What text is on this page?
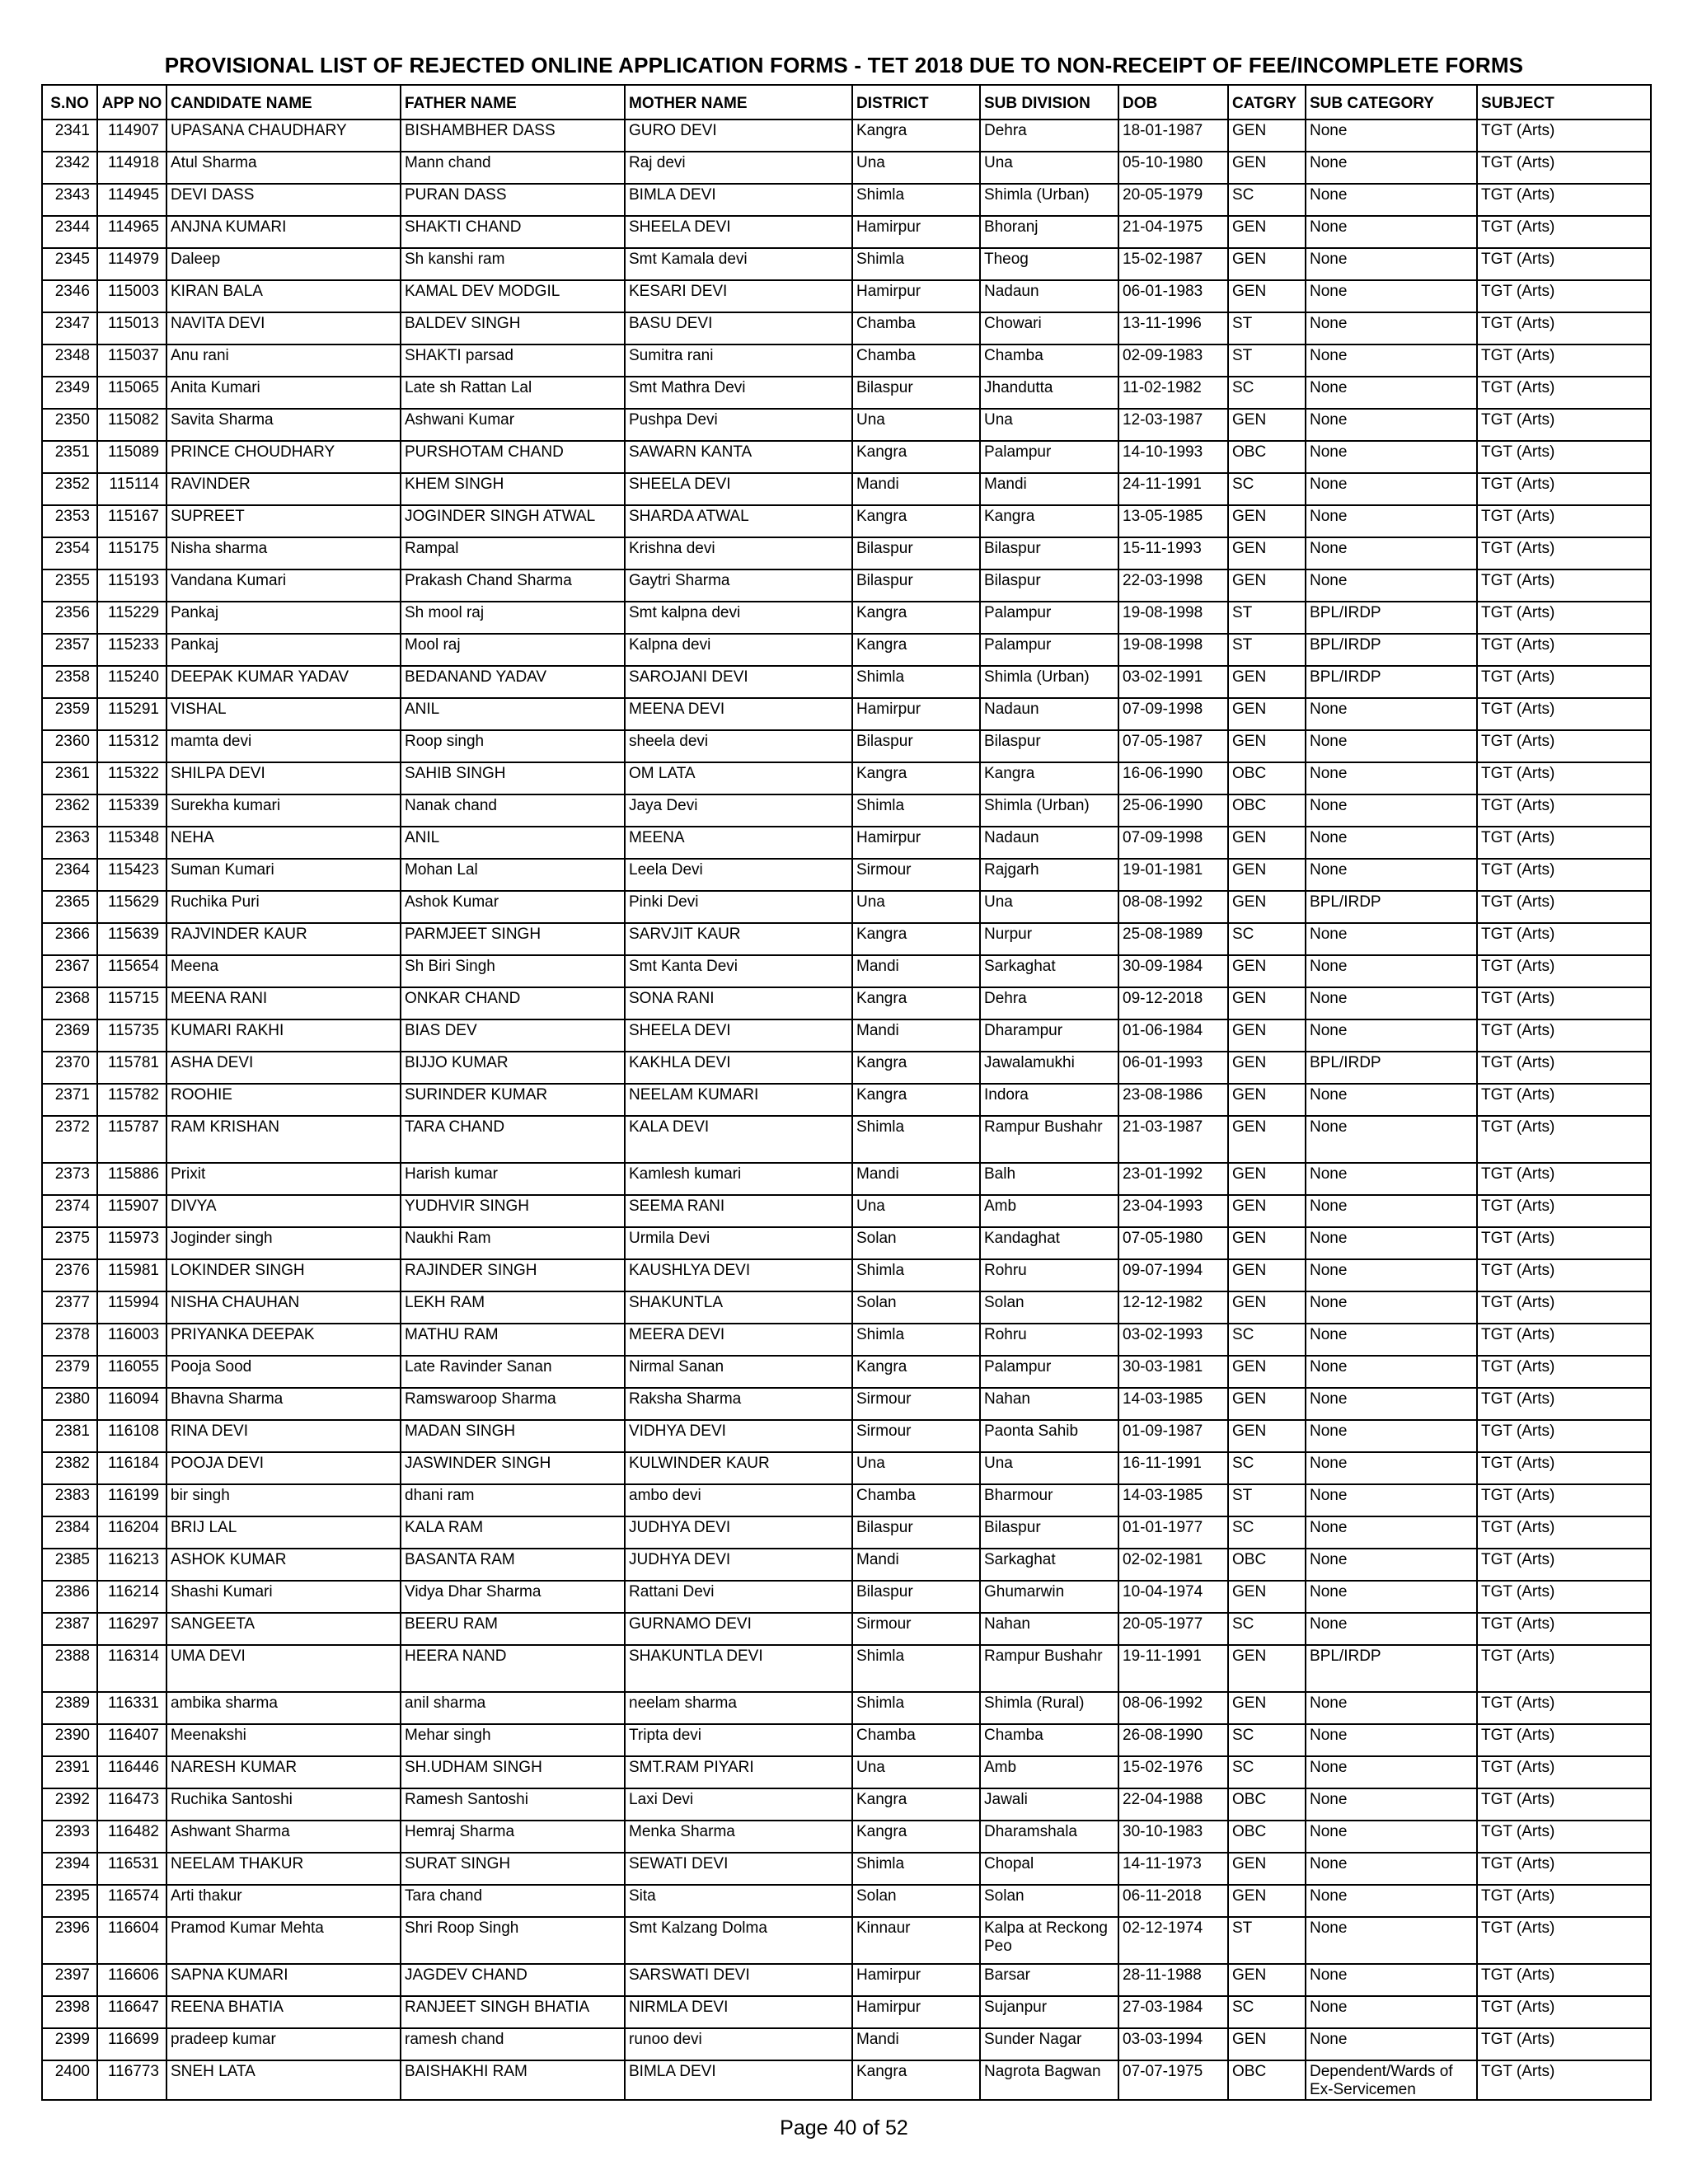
PROVISIONAL LIST OF REJECTED ONLINE APPLICATION FORMS - TET 2018 DUE TO NON-RECEIPT OF FEE/INCOMPLETE FORMS
S.NO	APP NO	CANDIDATE NAME	FATHER NAME	MOTHER NAME	DISTRICT	SUB DIVISION	DOB	CATGRY	SUB CATEGORY	SUBJECT
2341	114907	UPASANA CHAUDHARY	BISHAMBHER DASS	GURO DEVI	Kangra	Dehra	18-01-1987	GEN	None	TGT (Arts)
2342	114918	Atul Sharma	Mann chand	Raj devi	Una	Una	05-10-1980	GEN	None	TGT (Arts)
2343	114945	DEVI DASS	PURAN DASS	BIMLA DEVI	Shimla	Shimla (Urban)	20-05-1979	SC	None	TGT (Arts)
2344	114965	ANJNA KUMARI	SHAKTI CHAND	SHEELA DEVI	Hamirpur	Bhoranj	21-04-1975	GEN	None	TGT (Arts)
2345	114979	Daleep	Sh kanshi ram	Smt Kamala devi	Shimla	Theog	15-02-1987	GEN	None	TGT (Arts)
2346	115003	KIRAN BALA	KAMAL DEV MODGIL	KESARI DEVI	Hamirpur	Nadaun	06-01-1983	GEN	None	TGT (Arts)
2347	115013	NAVITA DEVI	BALDEV SINGH	BASU DEVI	Chamba	Chowari	13-11-1996	ST	None	TGT (Arts)
2348	115037	Anu rani	SHAKTI parsad	Sumitra rani	Chamba	Chamba	02-09-1983	ST	None	TGT (Arts)
2349	115065	Anita Kumari	Late sh Rattan Lal	Smt Mathra Devi	Bilaspur	Jhandutta	11-02-1982	SC	None	TGT (Arts)
2350	115082	Savita Sharma	Ashwani Kumar	Pushpa Devi	Una	Una	12-03-1987	GEN	None	TGT (Arts)
2351	115089	PRINCE CHOUDHARY	PURSHOTAM CHAND	SAWARN KANTA	Kangra	Palampur	14-10-1993	OBC	None	TGT (Arts)
2352	115114	RAVINDER	KHEM SINGH	SHEELA DEVI	Mandi	Mandi	24-11-1991	SC	None	TGT (Arts)
2353	115167	SUPREET	JOGINDER SINGH ATWAL	SHARDA ATWAL	Kangra	Kangra	13-05-1985	GEN	None	TGT (Arts)
2354	115175	Nisha sharma	Rampal	Krishna devi	Bilaspur	Bilaspur	15-11-1993	GEN	None	TGT (Arts)
2355	115193	Vandana Kumari	Prakash Chand Sharma	Gaytri Sharma	Bilaspur	Bilaspur	22-03-1998	GEN	None	TGT (Arts)
2356	115229	Pankaj	Sh mool raj	Smt kalpna devi	Kangra	Palampur	19-08-1998	ST	BPL/IRDP	TGT (Arts)
2357	115233	Pankaj	Mool raj	Kalpna devi	Kangra	Palampur	19-08-1998	ST	BPL/IRDP	TGT (Arts)
2358	115240	DEEPAK KUMAR YADAV	BEDANAND YADAV	SAROJANI DEVI	Shimla	Shimla (Urban)	03-02-1991	GEN	BPL/IRDP	TGT (Arts)
2359	115291	VISHAL	ANIL	MEENA DEVI	Hamirpur	Nadaun	07-09-1998	GEN	None	TGT (Arts)
2360	115312	mamta devi	Roop singh	sheela devi	Bilaspur	Bilaspur	07-05-1987	GEN	None	TGT (Arts)
2361	115322	SHILPA DEVI	SAHIB SINGH	OM LATA	Kangra	Kangra	16-06-1990	OBC	None	TGT (Arts)
2362	115339	Surekha kumari	Nanak chand	Jaya Devi	Shimla	Shimla (Urban)	25-06-1990	OBC	None	TGT (Arts)
2363	115348	NEHA	ANIL	MEENA	Hamirpur	Nadaun	07-09-1998	GEN	None	TGT (Arts)
2364	115423	Suman Kumari	Mohan Lal	Leela Devi	Sirmour	Rajgarh	19-01-1981	GEN	None	TGT (Arts)
2365	115629	Ruchika Puri	Ashok Kumar	Pinki Devi	Una	Una	08-08-1992	GEN	BPL/IRDP	TGT (Arts)
2366	115639	RAJVINDER KAUR	PARMJEET SINGH	SARVJIT KAUR	Kangra	Nurpur	25-08-1989	SC	None	TGT (Arts)
2367	115654	Meena	Sh Biri Singh	Smt Kanta Devi	Mandi	Sarkaghat	30-09-1984	GEN	None	TGT (Arts)
2368	115715	MEENA RANI	ONKAR CHAND	SONA RANI	Kangra	Dehra	09-12-2018	GEN	None	TGT (Arts)
2369	115735	KUMARI RAKHI	BIAS DEV	SHEELA DEVI	Mandi	Dharampur	01-06-1984	GEN	None	TGT (Arts)
2370	115781	ASHA DEVI	BIJJO KUMAR	KAKHLA DEVI	Kangra	Jawalamukhi	06-01-1993	GEN	BPL/IRDP	TGT (Arts)
2371	115782	ROOHIE	SURINDER KUMAR	NEELAM KUMARI	Kangra	Indora	23-08-1986	GEN	None	TGT (Arts)
2372	115787	RAM KRISHAN	TARA CHAND	KALA DEVI	Shimla	Rampur Bushahr	21-03-1987	GEN	None	TGT (Arts)
2373	115886	Prixit	Harish kumar	Kamlesh kumari	Mandi	Balh	23-01-1992	GEN	None	TGT (Arts)
2374	115907	DIVYA	YUDHVIR SINGH	SEEMA RANI	Una	Amb	23-04-1993	GEN	None	TGT (Arts)
2375	115973	Joginder singh	Naukhi Ram	Urmila Devi	Solan	Kandaghat	07-05-1980	GEN	None	TGT (Arts)
2376	115981	LOKINDER SINGH	RAJINDER SINGH	KAUSHLYA DEVI	Shimla	Rohru	09-07-1994	GEN	None	TGT (Arts)
2377	115994	NISHA CHAUHAN	LEKH RAM	SHAKUNTLA	Solan	Solan	12-12-1982	GEN	None	TGT (Arts)
2378	116003	PRIYANKA DEEPAK	MATHU RAM	MEERA DEVI	Shimla	Rohru	03-02-1993	SC	None	TGT (Arts)
2379	116055	Pooja Sood	Late Ravinder Sanan	Nirmal Sanan	Kangra	Palampur	30-03-1981	GEN	None	TGT (Arts)
2380	116094	Bhavna Sharma	Ramswaroop Sharma	Raksha Sharma	Sirmour	Nahan	14-03-1985	GEN	None	TGT (Arts)
2381	116108	RINA DEVI	MADAN SINGH	VIDHYA DEVI	Sirmour	Paonta Sahib	01-09-1987	GEN	None	TGT (Arts)
2382	116184	POOJA DEVI	JASWINDER SINGH	KULWINDER KAUR	Una	Una	16-11-1991	SC	None	TGT (Arts)
2383	116199	bir singh	dhani ram	ambo devi	Chamba	Bharmour	14-03-1985	ST	None	TGT (Arts)
2384	116204	BRIJ LAL	KALA RAM	JUDHYA DEVI	Bilaspur	Bilaspur	01-01-1977	SC	None	TGT (Arts)
2385	116213	ASHOK KUMAR	BASANTA RAM	JUDHYA DEVI	Mandi	Sarkaghat	02-02-1981	OBC	None	TGT (Arts)
2386	116214	Shashi Kumari	Vidya Dhar Sharma	Rattani Devi	Bilaspur	Ghumarwin	10-04-1974	GEN	None	TGT (Arts)
2387	116297	SANGEETA	BEERU RAM	GURNAMO DEVI	Sirmour	Nahan	20-05-1977	SC	None	TGT (Arts)
2388	116314	UMA DEVI	HEERA NAND	SHAKUNTLA DEVI	Shimla	Rampur Bushahr	19-11-1991	GEN	BPL/IRDP	TGT (Arts)
2389	116331	ambika sharma	anil sharma	neelam sharma	Shimla	Shimla (Rural)	08-06-1992	GEN	None	TGT (Arts)
2390	116407	Meenakshi	Mehar singh	Tripta devi	Chamba	Chamba	26-08-1990	SC	None	TGT (Arts)
2391	116446	NARESH KUMAR	SH.UDHAM SINGH	SMT.RAM PIYARI	Una	Amb	15-02-1976	SC	None	TGT (Arts)
2392	116473	Ruchika Santoshi	Ramesh Santoshi	Laxi Devi	Kangra	Jawali	22-04-1988	OBC	None	TGT (Arts)
2393	116482	Ashwant Sharma	Hemraj Sharma	Menka Sharma	Kangra	Dharamshala	30-10-1983	OBC	None	TGT (Arts)
2394	116531	NEELAM THAKUR	SURAT SINGH	SEWATI DEVI	Shimla	Chopal	14-11-1973	GEN	None	TGT (Arts)
2395	116574	Arti thakur	Tara chand	Sita	Solan	Solan	06-11-2018	GEN	None	TGT (Arts)
2396	116604	Pramod Kumar Mehta	Shri Roop Singh	Smt Kalzang Dolma	Kinnaur	Kalpa at Reckong Peo	02-12-1974	ST	None	TGT (Arts)
2397	116606	SAPNA KUMARI	JAGDEV CHAND	SARSWATI DEVI	Hamirpur	Barsar	28-11-1988	GEN	None	TGT (Arts)
2398	116647	REENA BHATIA	RANJEET SINGH BHATIA	NIRMLA DEVI	Hamirpur	Sujanpur	27-03-1984	SC	None	TGT (Arts)
2399	116699	pradeep kumar	ramesh chand	runoo devi	Mandi	Sunder Nagar	03-03-1994	GEN	None	TGT (Arts)
2400	116773	SNEH LATA	BAISHAKHI RAM	BIMLA DEVI	Kangra	Nagrota Bagwan	07-07-1975	OBC	Dependent/Wards of Ex-Servicemen	TGT (Arts)
Page 40 of 52
